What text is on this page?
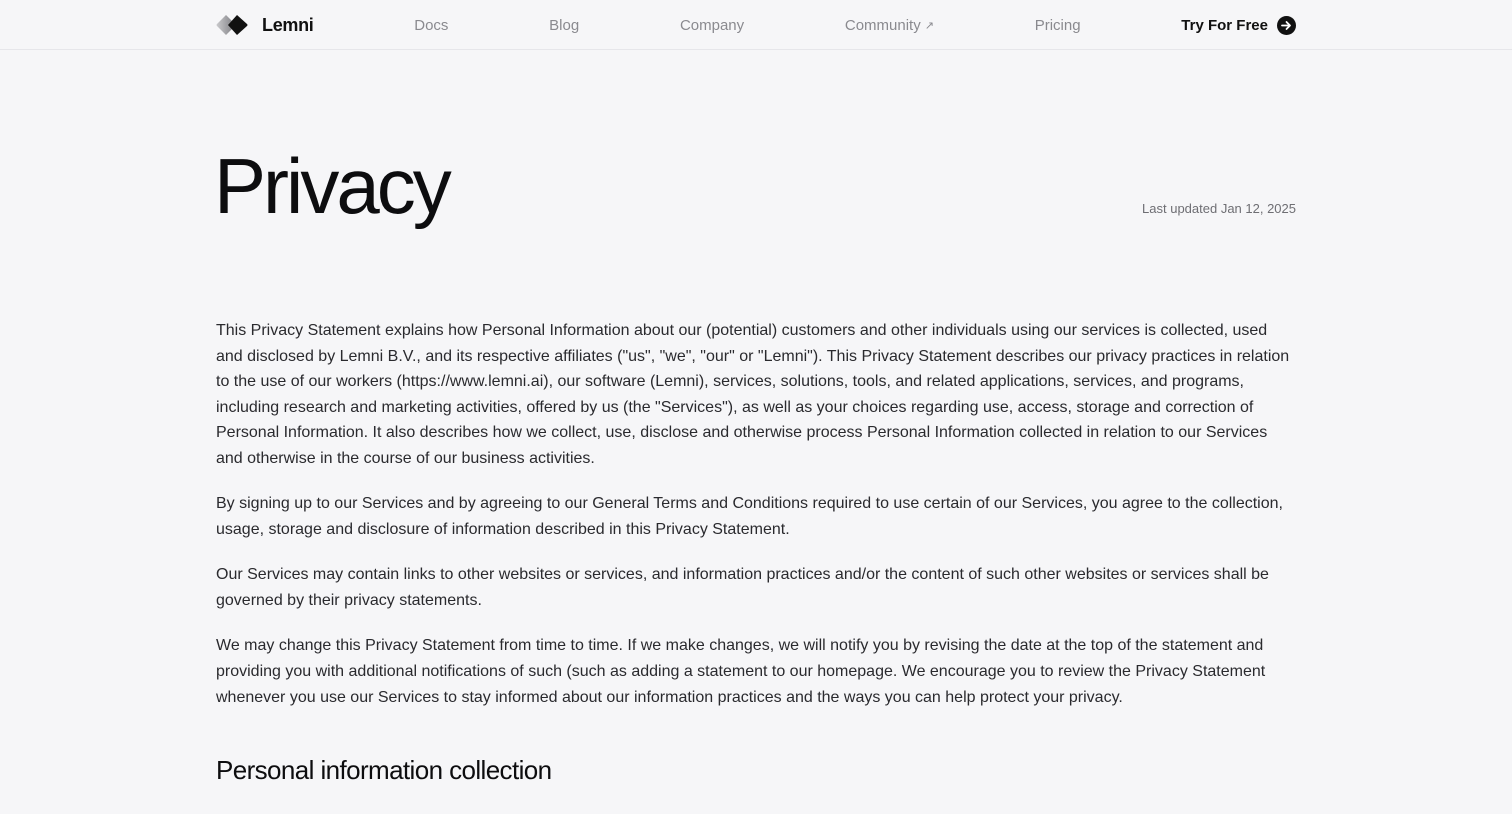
Lemni	Docs	Blog	Company	Community ↗	Pricing	Try For Free
Privacy	Last updated Jan 12, 2025

This Privacy Statement explains how Personal Information about our (potential) customers and other individuals using our services is collected, used and disclosed by Lemni B.V., and its respective affiliates ("us", "we", "our" or "Lemni"). This Privacy Statement describes our privacy practices in relation to the use of our workers (https://www.lemni.ai), our software (Lemni), services, solutions, tools, and related applications, services, and programs, including research and marketing activities, offered by us (the "Services"), as well as your choices regarding use, access, storage and correction of Personal Information. It also describes how we collect, use, disclose and otherwise process Personal Information collected in relation to our Services and otherwise in the course of our business activities.

By signing up to our Services and by agreeing to our General Terms and Conditions required to use certain of our Services, you agree to the collection, usage, storage and disclosure of information described in this Privacy Statement.

Our Services may contain links to other websites or services, and information practices and/or the content of such other websites or services shall be governed by their privacy statements.

We may change this Privacy Statement from time to time. If we make changes, we will notify you by revising the date at the top of the statement and providing you with additional notifications of such (such as adding a statement to our homepage. We encourage you to review the Privacy Statement whenever you use our Services to stay informed about our information practices and the ways you can help protect your privacy.

Personal information collection
